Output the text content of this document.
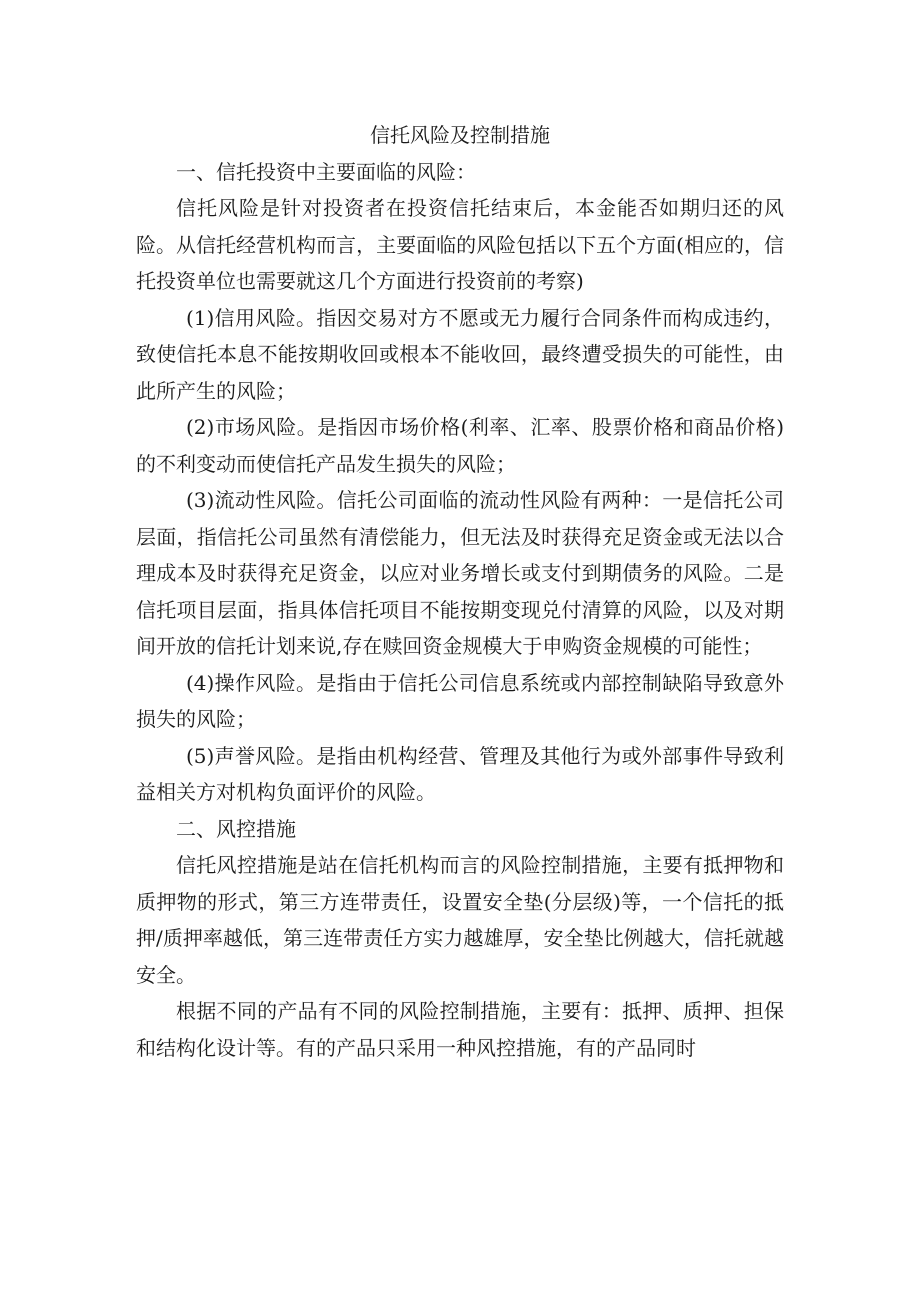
信托风险及控制措施

一、信托投资中主要面临的风险：

信托风险是针对投资者在投资信托结束后，本金能否如期归还的风险。从信托经营机构而言，主要面临的风险包括以下五个方面(相应的，信托投资单位也需要就这几个方面进行投资前的考察)

(1)信用风险。指因交易对方不愿或无力履行合同条件而构成违约，致使信托本息不能按期收回或根本不能收回，最终遭受损失的可能性，由此所产生的风险；

(2)市场风险。是指因市场价格(利率、汇率、股票价格和商品价格)的不利变动而使信托产品发生损失的风险；

(3)流动性风险。信托公司面临的流动性风险有两种：一是信托公司层面，指信托公司虽然有清偿能力，但无法及时获得充足资金或无法以合理成本及时获得充足资金，以应对业务增长或支付到期债务的风险。二是信托项目层面，指具体信托项目不能按期变现兑付清算的风险，以及对期间开放的信托计划来说,存在赎回资金规模大于申购资金规模的可能性；

(4)操作风险。是指由于信托公司信息系统或内部控制缺陷导致意外损失的风险；

(5)声誉风险。是指由机构经营、管理及其他行为或外部事件导致利益相关方对机构负面评价的风险。

二、风控措施

信托风控措施是站在信托机构而言的风险控制措施，主要有抵押物和质押物的形式，第三方连带责任，设置安全垫(分层级)等，一个信托的抵押/质押率越低，第三连带责任方实力越雄厚，安全垫比例越大，信托就越安全。

根据不同的产品有不同的风险控制措施，主要有：抵押、质押、担保和结构化设计等。有的产品只采用一种风控措施，有的产品同时
